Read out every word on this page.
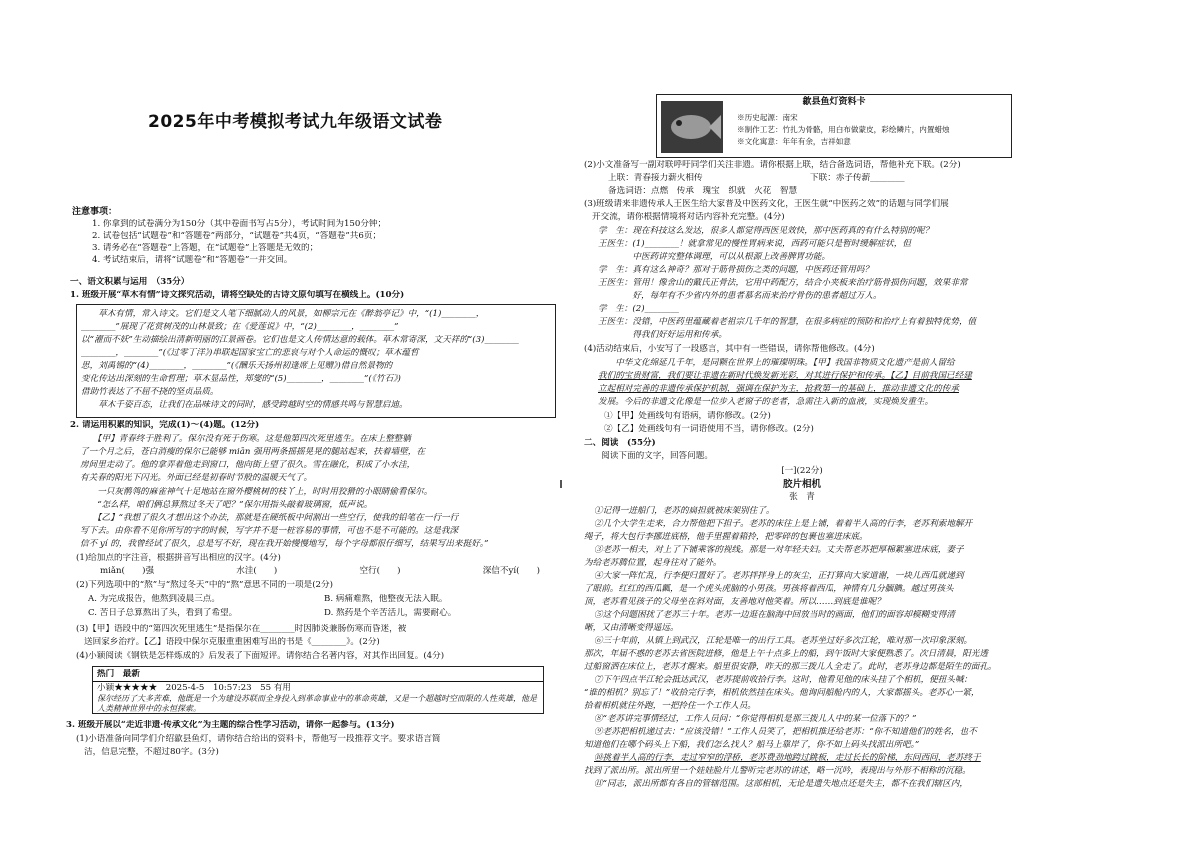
2025年中考模拟考试九年级语文试卷
注意事项：
1. 你拿到的试卷满分为150分（其中卷面书写占5分），考试时间为150分钟；
2. 试卷包括“试题卷”和“答题卷”两部分，“试题卷”共4页，“答题卷”共6页；
3. 请务必在“答题卷”上答题，在“试题卷”上答题是无效的；
4. 考试结束后，请将“试题卷”和“答题卷”一并交回。
一、语文积累与运用　（35分）
1. 班级开展“草木有情”诗文探究活动，请将空缺处的古诗文原句填写在横线上。(10分)
　　草木有情，常入诗文。它们是文人笔下细腻动人的风景，如柳宗元在《醉翁亭记》中，“(1)________，
________”展现了花赏树茂的山林景致；在《爱莲说》中，“(2)________，________”
以“濯而不妖”生动描绘出清新明丽的江景画卷。它们也是文人传情达意的载体。草木常寄深，文天祥的“(3)________
________，________”(《过零丁洋》)串联起国家宝亡的悲哀与对个人命运的慨叹；草木蕴哲
思，刘禹锡的“(4)________，________”(《酬乐天扬州初逢席上见赠》)借自然景物的
变化传达出深刻的生命哲理；草木显品性，郑燮的“(5)________，________”(《竹石》)
借助竹表达了不屈不挠的坚贞品质。
　　草木千姿百态，让我们在品味诗文的同时，感受跨越时空的情感共鸣与智慧启迪。
2. 请运用积累的知识，完成(1)～(4)题。(12分)
　　【甲】青春终于胜利了。保尔没有死于伤寒。这是他第四次死里逃生。在床上整整躺
了一个月之后，苍白消瘦的保尔已能够 miān 强用两条摇摇晃晃的腿站起来，扶着墙壁，在
房间里走动了。他的拿弄着他走到窗口，他向街上望了很久。雪在融化，积成了小水洼，
有关春的阳光下闪光。外面已经是初春时节般的温暖天气了。
　　一只灰鹡鸰的麻雀神气十足地站在窗外樱桃树的枝丫上，时时用狡猾的小眼睛偷看保尔。
　　“怎么样，咱们俩总算熬过冬天了吧？”保尔用指头敲着玻璃窗，低声说。
　　【乙】“我想了很久才想出这个办法，那就是在硬纸板中间割出一些空行，使我的铅笔在一行一行
写下去。由你看不见你所写的字的时候，写字并不是一桩容易的事情，可也不是不可能的。这是我深
信不 yí 的，我曾经试了很久，总是写不好，现在我开始慢慢地写，每个字母都很仔细写，结果写出来挺好。”
(1)给加点的字注音，根据拼音写出相应的汉字。(4分)
miǎn(　　)强	水洼(　　)	空行(　　)	深信不yí(　　)
(2)下列选项中的“熬”与“熬过冬天”中的“熬”意思不同的一项是(2分)
A. 为完成报告，他熬到凌晨三点。	B. 病痛难熬，他整夜无法入眠。
C. 苦日子总算熬出了头，看到了希望。	D. 熬药是个辛苦活儿，需要耐心。
(3)【甲】语段中的“第四次死里逃生”是指保尔在________时因肺炎兼肠伤寒而昏迷，被
送回家乡治疗。【乙】语段中保尔克服重重困难写出的书是《________》。(2分)
(4)小颖阅读《钢铁是怎样炼成的》后发表了下面短评。请你结合名著内容，对其作出回复。(4分)
热门　最新
小颖★★★★★　2025-4-5　10:57:23　55 有用
保尔经历了大多苦难，他既是一个为建设苏联而全身投入到革命事业中的革命英雄，又是一个超越时空而限的人性英雄，他是人类精神世界中的永恒探索。
3. 班级开展以“走近非遗·传承文化”为主题的综合性学习活动，请你一起参与。(13分)
(1)小语准备向同学们介绍歙县鱼灯，请你结合给出的资料卡，帮他写一段推荐文字。要求语言简
洁，信息完整，不超过80字。(3分)
歙县鱼灯资料卡
※历史起源：南宋
※制作工艺：竹扎为骨骼，用白布做蒙皮，彩绘鳞片，内置蜡烛
※文化寓意：年年有余，吉祥如意
(2)小文准备写一副对联呼吁同学们关注非遗。请你根据上联，结合备选词语，帮他补充下联。(2分)
上联：青春接力薪火相传	下联：赤子传薪________
备选词语：点燃　传承　瑰宝　织就　火花　智慧
(3)班级请来非遗传承人王医生给大家普及中医药文化，王医生就“中医药之效”的话题与同学们展
开交流，请你根据情境将对话内容补充完整。(4分)
学　生：现在科技这么发达，很多人都觉得西医见效快，那中医药真的有什么特别的呢？
王医生：(1)________！就拿常见的慢性胃病来说，西药可能只是暂时缓解症状，但
　　　　中医药讲究整体调理，可以从根源上改善脾胃功能。
学　生：真有这么神奇？那对于筋骨损伤之类的问题，中医药还管用吗？
王医生：管用！像舍山的戴氏正骨法，它用中药配方，结合小夹板来治疗筋骨损伤问题，效果非常
　　　　好，每年有不少省内外的患者慕名而来治疗骨伤的患者超过万人。
学　生：(2)________
王医生：没错，中医药里蕴藏着老祖宗几千年的智慧，在很多病症的预防和治疗上有着独特优势，值
　　　　得我们好好运用和传承。
(4)活动结束后，小安写了一段感言，其中有一些错误，请你帮他修改。(4分)
　　中华文化绵延几千年，是同颗在世界上的璀璨明珠。【甲】我国非物质文化遗产是前人留给
我们的宝贵财富，我们要让非遗在新时代焕发新光彩，对其进行保护和传承。【乙】目前我国已经建
立起相对完善的非遗传承保护机制，强调在保护为主，抢救第一的基础上，推动非遗文化的传承
发展。今后的非遗文化像是一位步入老窗子的老者，急需注入新的血液，实现焕发重生。
①【甲】处画线句有语病，请你修改。(2分)
②【乙】处画线句有一词语使用不当，请你修改。(2分)
二、阅读　(55分)
　　阅读下面的文字，回答问题。
[一](22分)
胶片相机
张　青
①记得一进船门，老苏的扁担就被床架别住了。
②几个大学生走来，合力帮他把下担子。老苏的床往上是上铺，着着半人高的行李，老苏利索地解开
绳子，将大包行李挪进底格，他手里握着箱拎，把零碎的包裹也塞进床底。
③老苏一相夫，对上了下铺乘客的视线。那是一对年轻夫妇。丈夫帮老苏把厚棉絮塞进床底，妻子
为给老苏腾位置，起身往对了能外。
④大家一阵忙乱，行李便归置好了。老苏拌拌身上的灰尘，正打算向大家道谢，一块儿西瓜就递到
了眼前。红红的西瓜瓤，是一个虎头虎脑的小男孩。男孩将着西瓜，神情有几分腼腆。越过男孩头
顶，老苏看见孩子的父母坐在斜对面，友善地对他笑着。所以……到底是谁呢？
⑤这个问题困扰了老苏三十年。老苏一边逛在脑海中回放当时的画面，他们的面容却模糊变得清
晰，又由清晰变得遥远。
⑥三十年前，从镇上到武汉，江轮是唯一的出行工具。老苏坐过好多次江轮，唯对那一次印象深刻。
那次，年届不惑的老苏去省医院进修，他是上午十点多上的船，到午饭时大家便熟悉了。次日清晨，阳光透
过船窗洒在床位上，老苏才醒来。船里很安静，昨天的那三拨儿人全走了。此时，老苏身边都是陌生的面孔。
⑦下午四点半江轮会抵达武汉，老苏提前收拾行李。这时，他看见他的床头挂了个相机，便扭头喊：
“谁的相机？别忘了！”收拾完行李，相机依然挂在床头。他询问船舱内的人，大家都摇头。老苏心一紧，
拾着相机就往外跑，一把拎住一个工作人员。
⑧“老苏讲完事情经过，工作人员问：“你觉得相机是那三拨儿人中的某一位落下的？”
⑨老苏把相机递过去：“应该没错！”工作人员笑了，把相机推还给老苏：“你不知道他们的姓名，也不
知道他们在哪个码头上下船，我们怎么找人？船马上靠岸了，你不如上码头找派出所吧。”
⑩挑着半人高的行李，走过窄窄的浮桥，老苏费劲地跨过跳板，走过长长的阶梯，东问西问，老苏终于
找到了派出所。派出所里一个娃娃脸片儿警听完老苏的讲述，略一沉吟，表现出与外形不相称的沉稳。
⑪“同志，派出所都有各自的管辖范围。这部相机，无论是遗失地点还是失主，都不在我们辖区内，
